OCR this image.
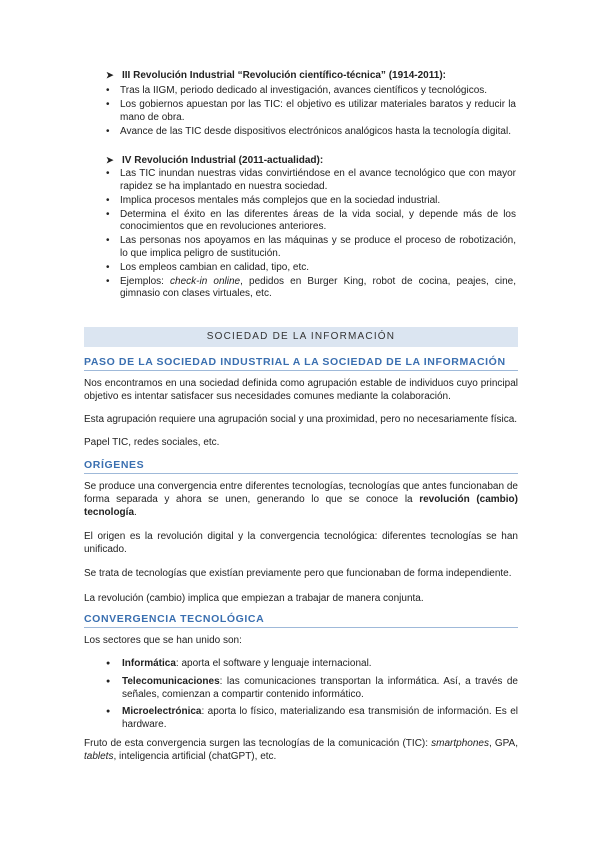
➤ III Revolución Industrial “Revolución científico-técnica” (1914-2011):
• Tras la IIGM, periodo dedicado al investigación, avances científicos y tecnológicos.
• Los gobiernos apuestan por las TIC: el objetivo es utilizar materiales baratos y reducir la mano de obra.
• Avance de las TIC desde dispositivos electrónicos analógicos hasta la tecnología digital.
➤ IV Revolución Industrial (2011-actualidad):
• Las TIC inundan nuestras vidas convirtiéndose en el avance tecnológico que con mayor rapidez se ha implantado en nuestra sociedad.
• Implica procesos mentales más complejos que en la sociedad industrial.
• Determina el éxito en las diferentes áreas de la vida social, y depende más de los conocimientos que en revoluciones anteriores.
• Las personas nos apoyamos en las máquinas y se produce el proceso de robotización, lo que implica peligro de sustitución.
• Los empleos cambian en calidad, tipo, etc.
• Ejemplos: check-in online, pedidos en Burger King, robot de cocina, peajes, cine, gimnasio con clases virtuales, etc.
SOCIEDAD DE LA INFORMACIÓN
PASO DE LA SOCIEDAD INDUSTRIAL A LA SOCIEDAD DE LA INFORMACIÓN

Nos encontramos en una sociedad definida como agrupación estable de individuos cuyo principal objetivo es intentar satisfacer sus necesidades comunes mediante la colaboración.

Esta agrupación requiere una agrupación social y una proximidad, pero no necesariamente física.

Papel TIC, redes sociales, etc.

ORÍGENES

Se produce una convergencia entre diferentes tecnologías, tecnologías que antes funcionaban de forma separada y ahora se unen, generando lo que se conoce la revolución (cambio) tecnología.

El origen es la revolución digital y la convergencia tecnológica: diferentes tecnologías se han unificado.

Se trata de tecnologías que existían previamente pero que funcionaban de forma independiente.

La revolución (cambio) implica que empiezan a trabajar de manera conjunta.

CONVERGENCIA TECNOLÓGICA

Los sectores que se han unido son:

● Informática: aporta el software y lenguaje internacional.
● Telecomunicaciones: las comunicaciones transportan la informática. Así, a través de señales, comienzan a compartir contenido informático.
● Microelectrónica: aporta lo físico, materializando esa transmisión de información. Es el hardware.

Fruto de esta convergencia surgen las tecnologías de la comunicación (TIC): smartphones, GPA, tablets, inteligencia artificial (chatGPT), etc.
